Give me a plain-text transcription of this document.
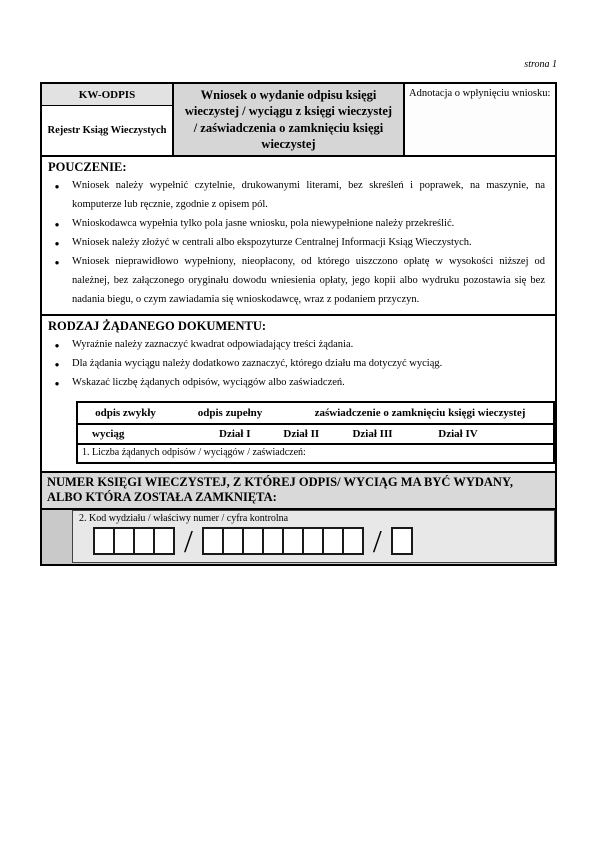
strona 1
KW-ODPIS
Rejestr Ksiąg Wieczystych
Wniosek o wydanie odpisu księgi wieczystej / wyciągu z księgi wieczystej / zaświadczenia o zamknięciu księgi wieczystej
Adnotacja o wpłynięciu wniosku:
POUCZENIE:
●	Wniosek należy wypełnić czytelnie, drukowanymi literami, bez skreśleń i poprawek, na maszynie, na komputerze lub ręcznie, zgodnie z opisem pól.
●	Wnioskodawca wypełnia tylko pola jasne wniosku, pola niewypełnione należy przekreślić.
●	Wniosek należy złożyć w centrali albo ekspozyturze Centralnej Informacji Ksiąg Wieczystych.
●	Wniosek nieprawidłowo wypełniony, nieopłacony, od którego uiszczono opłatę w wysokości niższej od należnej, bez załączonego oryginału dowodu wniesienia opłaty, jego kopii albo wydruku pozostawia się bez nadania biegu, o czym zawiadamia się wnioskodawcę, wraz z podaniem przyczyn.
RODZAJ ŻĄDANEGO DOKUMENTU:
●	Wyraźnie należy zaznaczyć kwadrat odpowiadający treści żądania.
●	Dla żądania wyciągu należy dodatkowo zaznaczyć, którego działu ma dotyczyć wyciąg.
●	Wskazać liczbę żądanych odpisów, wyciągów albo zaświadczeń.
odpis zwykły	odpis zupełny	zaświadczenie o zamknięciu księgi wieczystej
wyciąg	Dział I	Dział II	Dział III	Dział IV
1. Liczba żądanych odpisów / wyciągów / zaświadczeń:
NUMER KSIĘGI WIECZYSTEJ, Z KTÓREJ ODPIS/ WYCIĄG MA BYĆ WYDANY, ALBO KTÓRA ZOSTAŁA ZAMKNIĘTA:
2. Kod wydziału / właściwy numer / cyfra kontrolna
/	/
